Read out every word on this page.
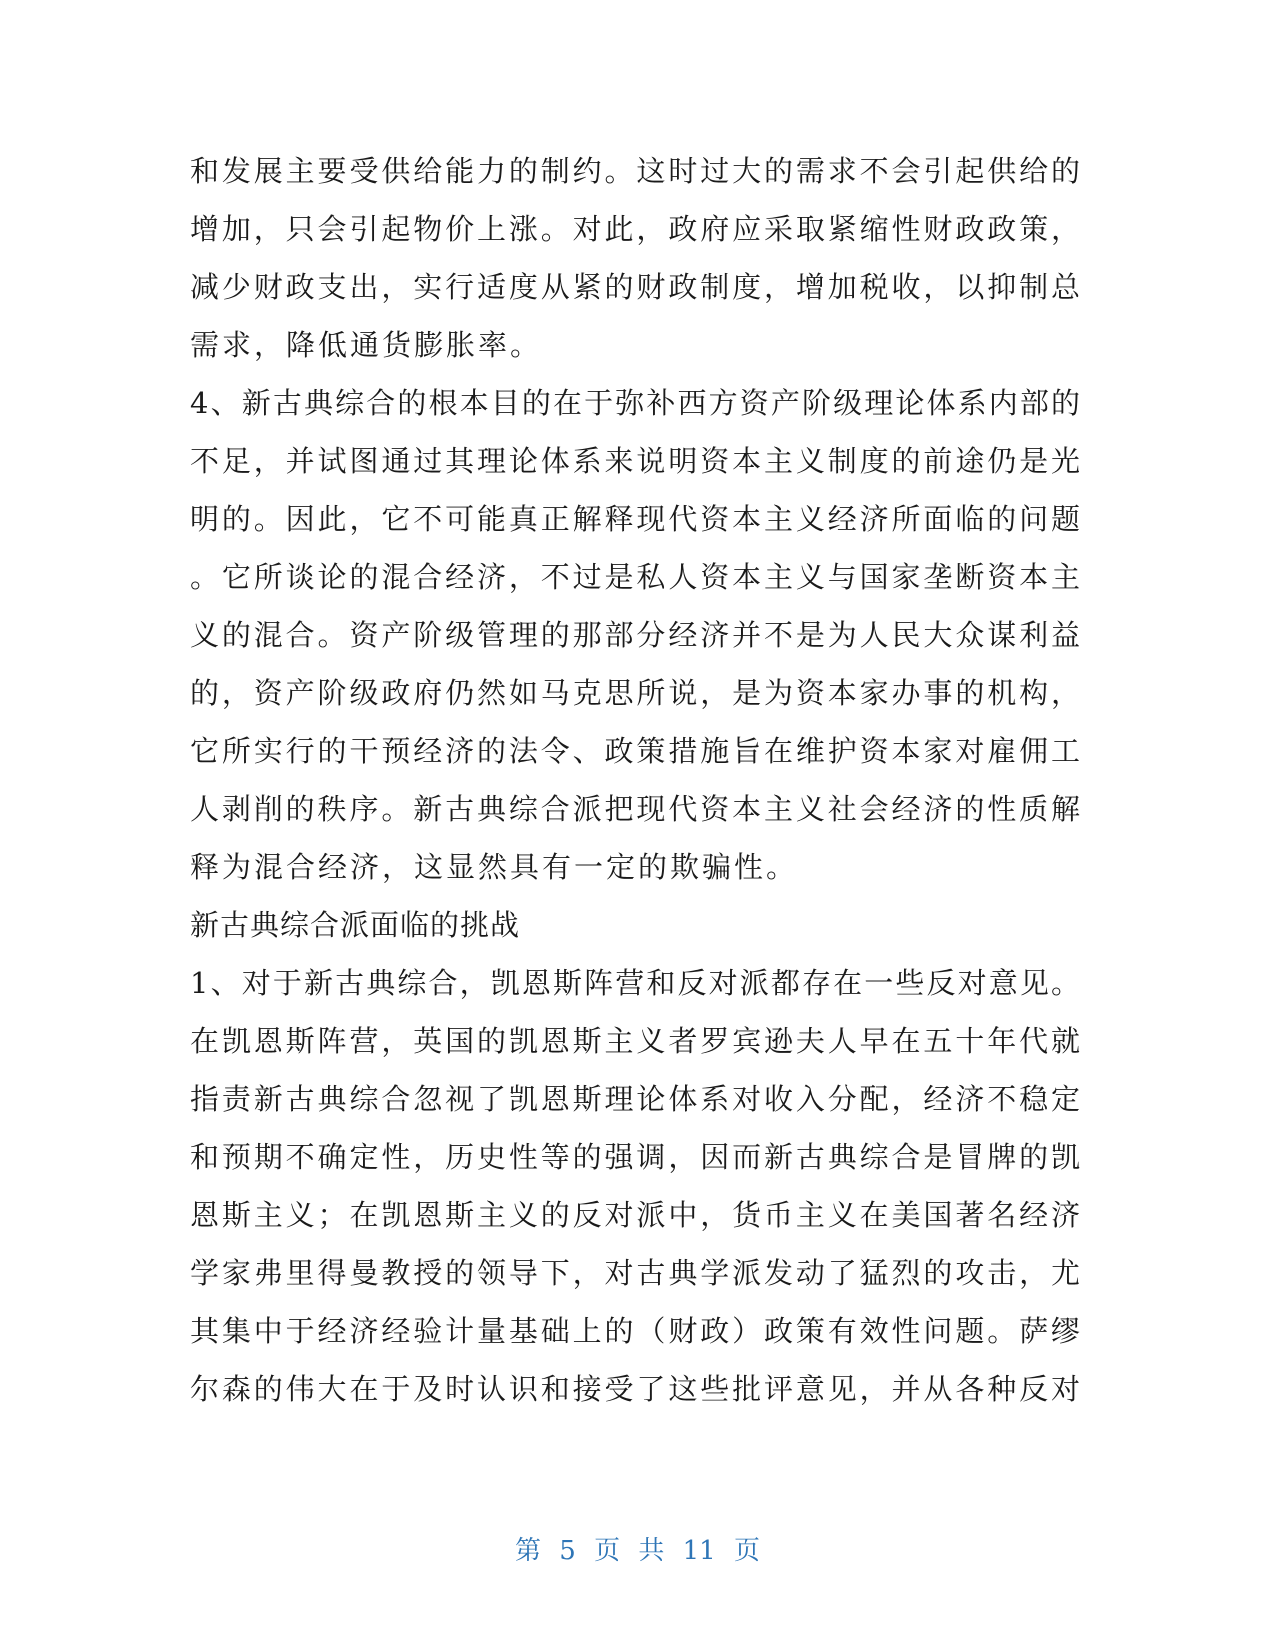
和发展主要受供给能力的制约。这时过大的需求不会引起供给的
增加，只会引起物价上涨。对此，政府应采取紧缩性财政政策，
减少财政支出，实行适度从紧的财政制度，增加税收，以抑制总
需求，降低通货膨胀率。
4、新古典综合的根本目的在于弥补西方资产阶级理论体系内部的
不足，并试图通过其理论体系来说明资本主义制度的前途仍是光
明的。因此，它不可能真正解释现代资本主义经济所面临的问题
。它所谈论的混合经济，不过是私人资本主义与国家垄断资本主
义的混合。资产阶级管理的那部分经济并不是为人民大众谋利益
的，资产阶级政府仍然如马克思所说，是为资本家办事的机构，
它所实行的干预经济的法令、政策措施旨在维护资本家对雇佣工
人剥削的秩序。新古典综合派把现代资本主义社会经济的性质解
释为混合经济，这显然具有一定的欺骗性。
新古典综合派面临的挑战
1、对于新古典综合，凯恩斯阵营和反对派都存在一些反对意见。
在凯恩斯阵营，英国的凯恩斯主义者罗宾逊夫人早在五十年代就
指责新古典综合忽视了凯恩斯理论体系对收入分配，经济不稳定
和预期不确定性，历史性等的强调，因而新古典综合是冒牌的凯
恩斯主义；在凯恩斯主义的反对派中，货币主义在美国著名经济
学家弗里得曼教授的领导下，对古典学派发动了猛烈的攻击，尤
其集中于经济经验计量基础上的（财政）政策有效性问题。萨缪
尔森的伟大在于及时认识和接受了这些批评意见，并从各种反对
第 5 页 共 11 页
